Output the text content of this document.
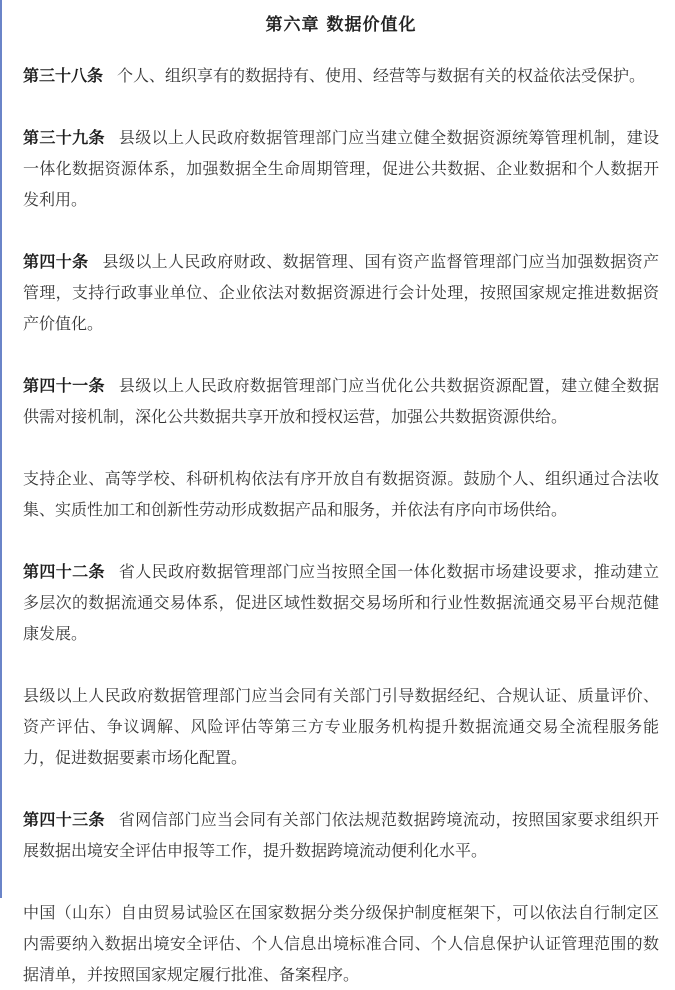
第六章 数据价值化

第三十八条 个人、组织享有的数据持有、使用、经营等与数据有关的权益依法受保护。

第三十九条 县级以上人民政府数据管理部门应当建立健全数据资源统筹管理机制，建设一体化数据资源体系，加强数据全生命周期管理，促进公共数据、企业数据和个人数据开发利用。

第四十条 县级以上人民政府财政、数据管理、国有资产监督管理部门应当加强数据资产管理，支持行政事业单位、企业依法对数据资源进行会计处理，按照国家规定推进数据资产价值化。

第四十一条 县级以上人民政府数据管理部门应当优化公共数据资源配置，建立健全数据供需对接机制，深化公共数据共享开放和授权运营，加强公共数据资源供给。

支持企业、高等学校、科研机构依法有序开放自有数据资源。鼓励个人、组织通过合法收集、实质性加工和创新性劳动形成数据产品和服务，并依法有序向市场供给。

第四十二条 省人民政府数据管理部门应当按照全国一体化数据市场建设要求，推动建立多层次的数据流通交易体系，促进区域性数据交易场所和行业性数据流通交易平台规范健康发展。

县级以上人民政府数据管理部门应当会同有关部门引导数据经纪、合规认证、质量评价、资产评估、争议调解、风险评估等第三方专业服务机构提升数据流通交易全流程服务能力，促进数据要素市场化配置。

第四十三条 省网信部门应当会同有关部门依法规范数据跨境流动，按照国家要求组织开展数据出境安全评估申报等工作，提升数据跨境流动便利化水平。

中国（山东）自由贸易试验区在国家数据分类分级保护制度框架下，可以依法自行制定区内需要纳入数据出境安全评估、个人信息出境标准合同、个人信息保护认证管理范围的数据清单，并按照国家规定履行批准、备案程序。
